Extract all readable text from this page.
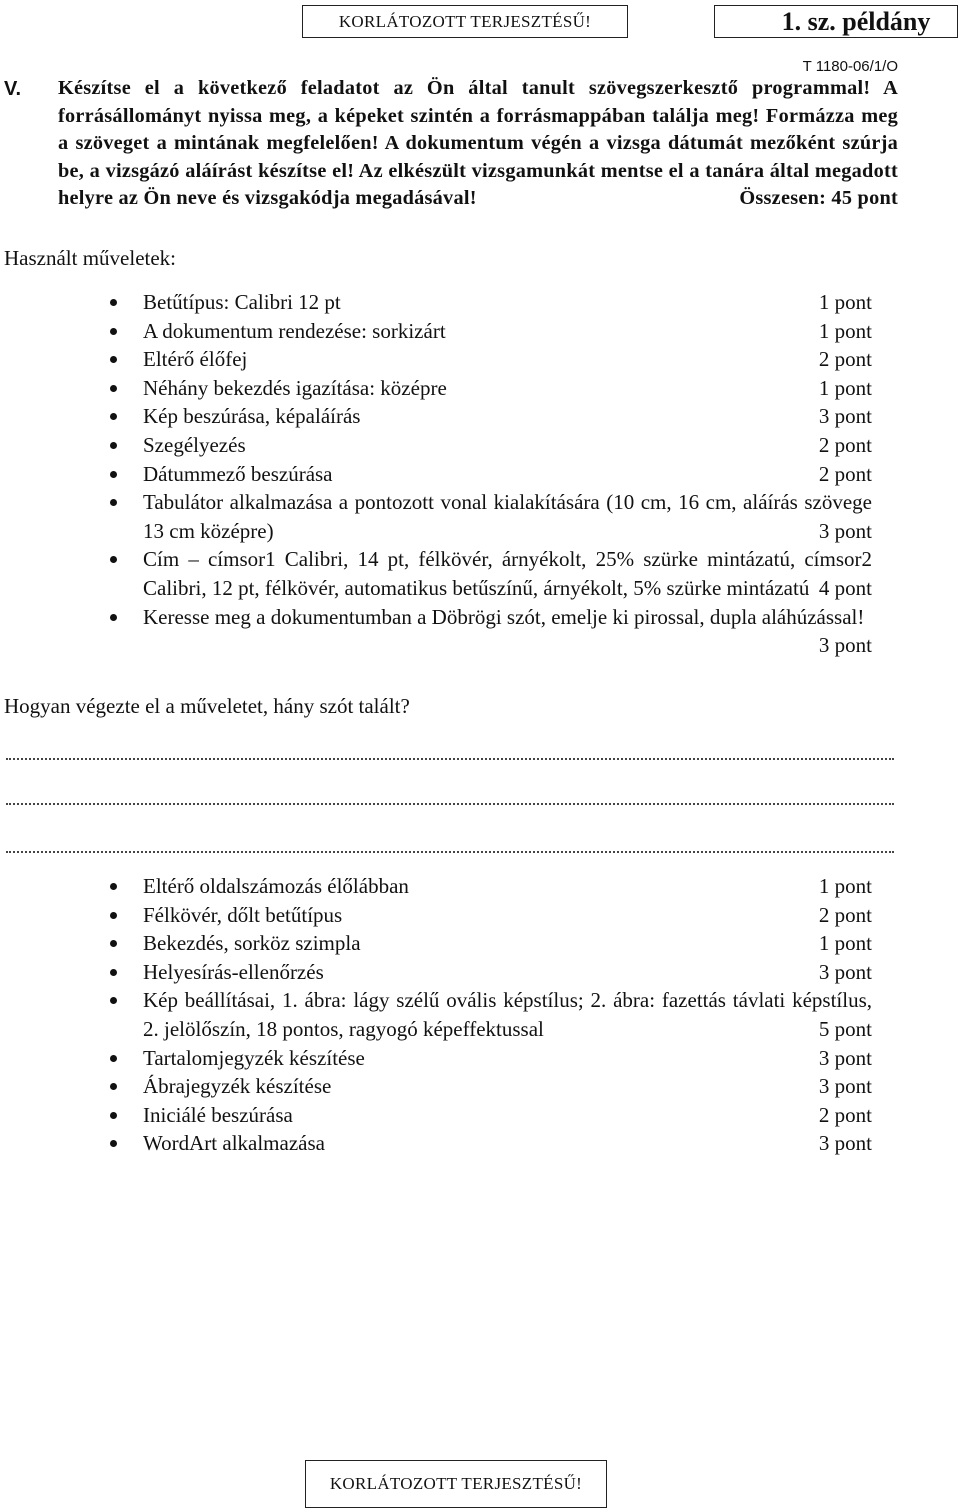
KORLÁTOZOTT TERJESZTÉSŰ!	1. sz. példány
T 1180-06/1/O
V. Készítse el a következő feladatot az Ön által tanult szövegszerkesztő programmal! A forrásállományt nyissa meg, a képeket szintén a forrásmappában találja meg! Formázza meg a szöveget a mintának megfelelően! A dokumentum végén a vizsga dátumát mezőként szúrja be, a vizsgázó aláírást készítse el! Az elkészült vizsgamunkát mentse el a tanára által megadott helyre az Ön neve és vizsgakódja megadásával!	Összesen: 45 pont

Használt műveletek:

Betűtípus: Calibri 12 pt	1 pont
A dokumentum rendezése: sorkizárt	1 pont
Eltérő élőfej	2 pont
Néhány bekezdés igazítása: középre	1 pont
Kép beszúrása, képaláírás	3 pont
Szegélyezés	2 pont
Dátummező beszúrása	2 pont
Tabulátor alkalmazása a pontozott vonal kialakítására (10 cm, 16 cm, aláírás szövege 13 cm középre)	3 pont
Cím – címsor1 Calibri, 14 pt, félkövér, árnyékolt, 25% szürke mintázatú, címsor2 Calibri, 12 pt, félkövér, automatikus betűszínű, árnyékolt, 5% szürke mintázatú 4 pont
Keresse meg a dokumentumban a Döbrögi szót, emelje ki pirossal, dupla aláhúzással!
3 pont

Hogyan végezte el a műveletet, hány szót talált?

Eltérő oldalszámozás élőlábban	1 pont
Félkövér, dőlt betűtípus	2 pont
Bekezdés, sorköz szimpla	1 pont
Helyesírás-ellenőrzés	3 pont
Kép beállításai, 1. ábra: lágy szélű ovális képstílus; 2. ábra: fazettás távlati képstílus, 2. jelölőszín, 18 pontos, ragyogó képeffektussal	5 pont
Tartalomjegyzék készítése	3 pont
Ábrajegyzék készítése	3 pont
Iniciálé beszúrása	2 pont
WordArt alkalmazása	3 pont
KORLÁTOZOTT TERJESZTÉSŰ!
